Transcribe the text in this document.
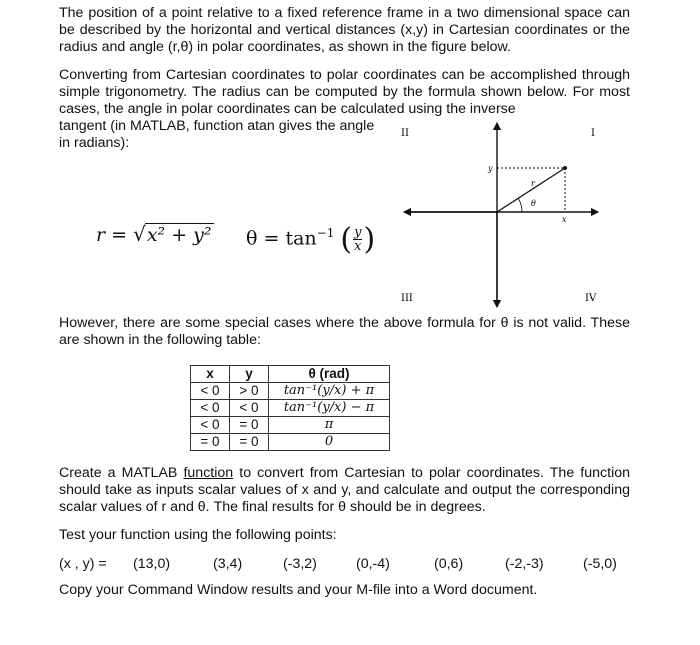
The position of a point relative to a fixed reference frame in a two dimensional space can be described by the horizontal and vertical distances (x,y) in Cartesian coordinates or the radius and angle (r,θ) in polar coordinates, as shown in the figure below.

Converting from Cartesian coordinates to polar coordinates can be accomplished through simple trigonometry. The radius can be computed by the formula shown below. For most cases, the angle in polar coordinates can be calculated using the inverse

tangent (in MATLAB, function atan gives the angle
in radians):
r = √x² + y² $\theta = \tan^{-1}$ ( $\frac{y}{x}$ )
II	I
III	IV
y
r
θ
x

However, there are some special cases where the above formula for θ is not valid. These are shown in the following table:

x	y	θ (rad)
< 0	> 0	tan⁻¹(y/x) + π
< 0	< 0	tan⁻¹(y/x) − π
< 0	= 0	π
= 0	= 0	0

Create a MATLAB function to convert from Cartesian to polar coordinates. The function should take as inputs scalar values of x and y, and calculate and output the corresponding scalar values of r and θ. The final results for θ should be in degrees.

Test your function using the following points:
(x , y) = (13,0)	(3,4)	(-3,2)	(0,-4)	(0,6)	(-2,-3)	(-5,0)
Copy your Command Window results and your M-file into a Word document.
